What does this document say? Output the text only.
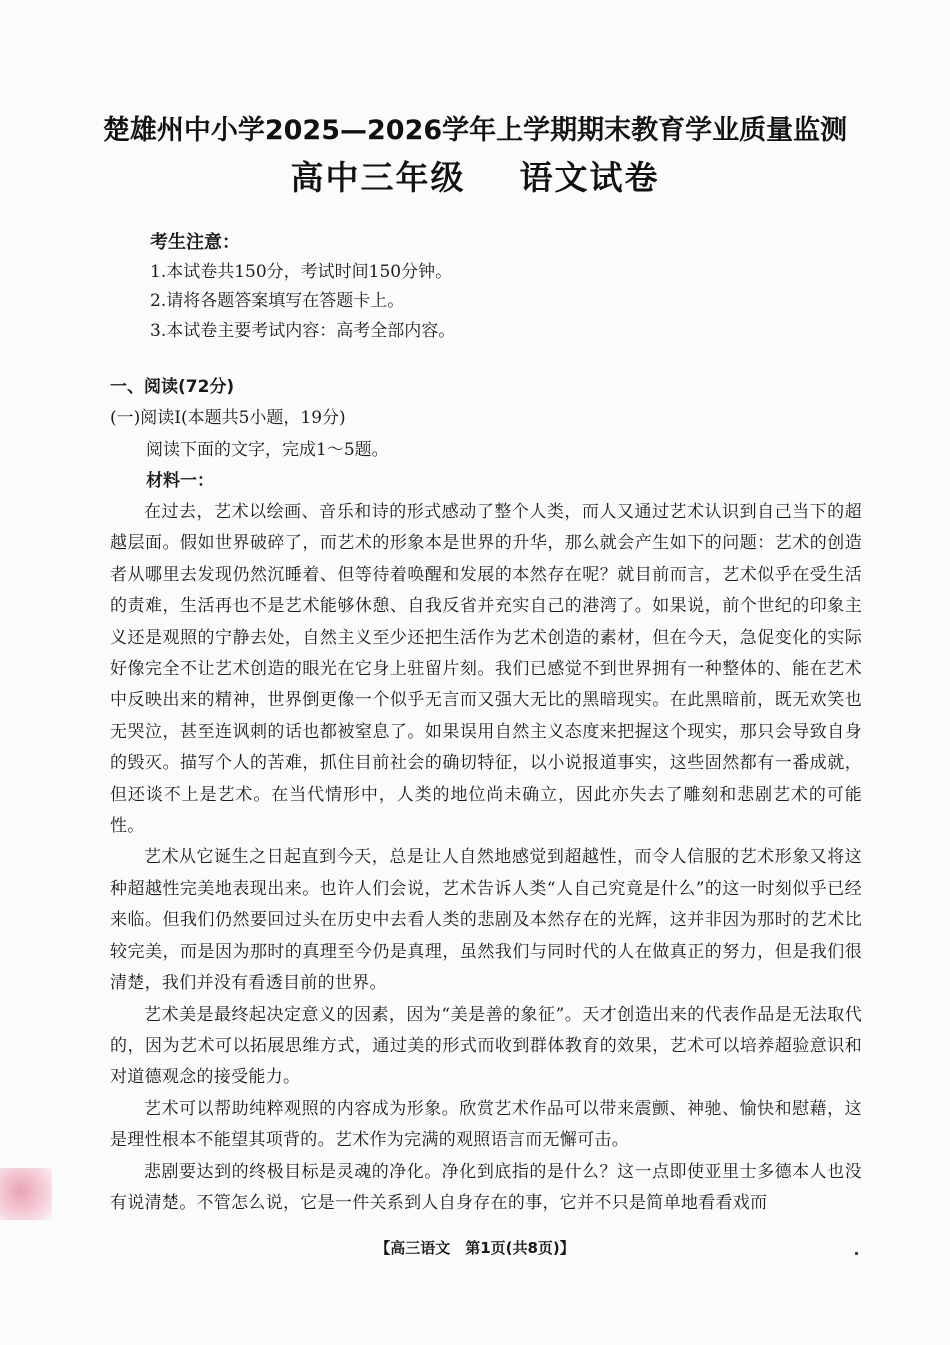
楚雄州中小学2025—2026学年上学期期末教育学业质量监测
高中三年级    语文试卷
考生注意：
1.本试卷共150分，考试时间150分钟。
2.请将各题答案填写在答题卡上。
3.本试卷主要考试内容：高考全部内容。
一、阅读(72分)
(一)阅读Ⅰ(本题共5小题，19分)
阅读下面的文字，完成1～5题。
材料一：

在过去，艺术以绘画、音乐和诗的形式感动了整个人类，而人又通过艺术认识到自己当下的超越层面。假如世界破碎了，而艺术的形象本是世界的升华，那么就会产生如下的问题：艺术的创造者从哪里去发现仍然沉睡着、但等待着唤醒和发展的本然存在呢？就目前而言，艺术似乎在受生活的责难，生活再也不是艺术能够休憩、自我反省并充实自己的港湾了。如果说，前个世纪的印象主义还是观照的宁静去处，自然主义至少还把生活作为艺术创造的素材，但在今天，急促变化的实际好像完全不让艺术创造的眼光在它身上驻留片刻。我们已感觉不到世界拥有一种整体的、能在艺术中反映出来的精神，世界倒更像一个似乎无言而又强大无比的黑暗现实。在此黑暗前，既无欢笑也无哭泣，甚至连讽刺的话也都被窒息了。如果误用自然主义态度来把握这个现实，那只会导致自身的毁灭。描写个人的苦难，抓住目前社会的确切特征，以小说报道事实，这些固然都有一番成就，但还谈不上是艺术。在当代情形中，人类的地位尚未确立，因此亦失去了雕刻和悲剧艺术的可能性。

艺术从它诞生之日起直到今天，总是让人自然地感觉到超越性，而令人信服的艺术形象又将这种超越性完美地表现出来。也许人们会说，艺术告诉人类“人自己究竟是什么”的这一时刻似乎已经来临。但我们仍然要回过头在历史中去看人类的悲剧及本然存在的光辉，这并非因为那时的艺术比较完美，而是因为那时的真理至今仍是真理，虽然我们与同时代的人在做真正的努力，但是我们很清楚，我们并没有看透目前的世界。

艺术美是最终起决定意义的因素，因为“美是善的象征”。天才创造出来的代表作品是无法取代的，因为艺术可以拓展思维方式，通过美的形式而收到群体教育的效果，艺术可以培养超验意识和对道德观念的接受能力。

艺术可以帮助纯粹观照的内容成为形象。欣赏艺术作品可以带来震颤、神驰、愉快和慰藉，这是理性根本不能望其项背的。艺术作为完满的观照语言而无懈可击。

悲剧要达到的终极目标是灵魂的净化。净化到底指的是什么？这一点即使亚里士多德本人也没有说清楚。不管怎么说，它是一件关系到人自身存在的事，它并不只是简单地看看戏而

【高三语文　第1页(共8页)】
